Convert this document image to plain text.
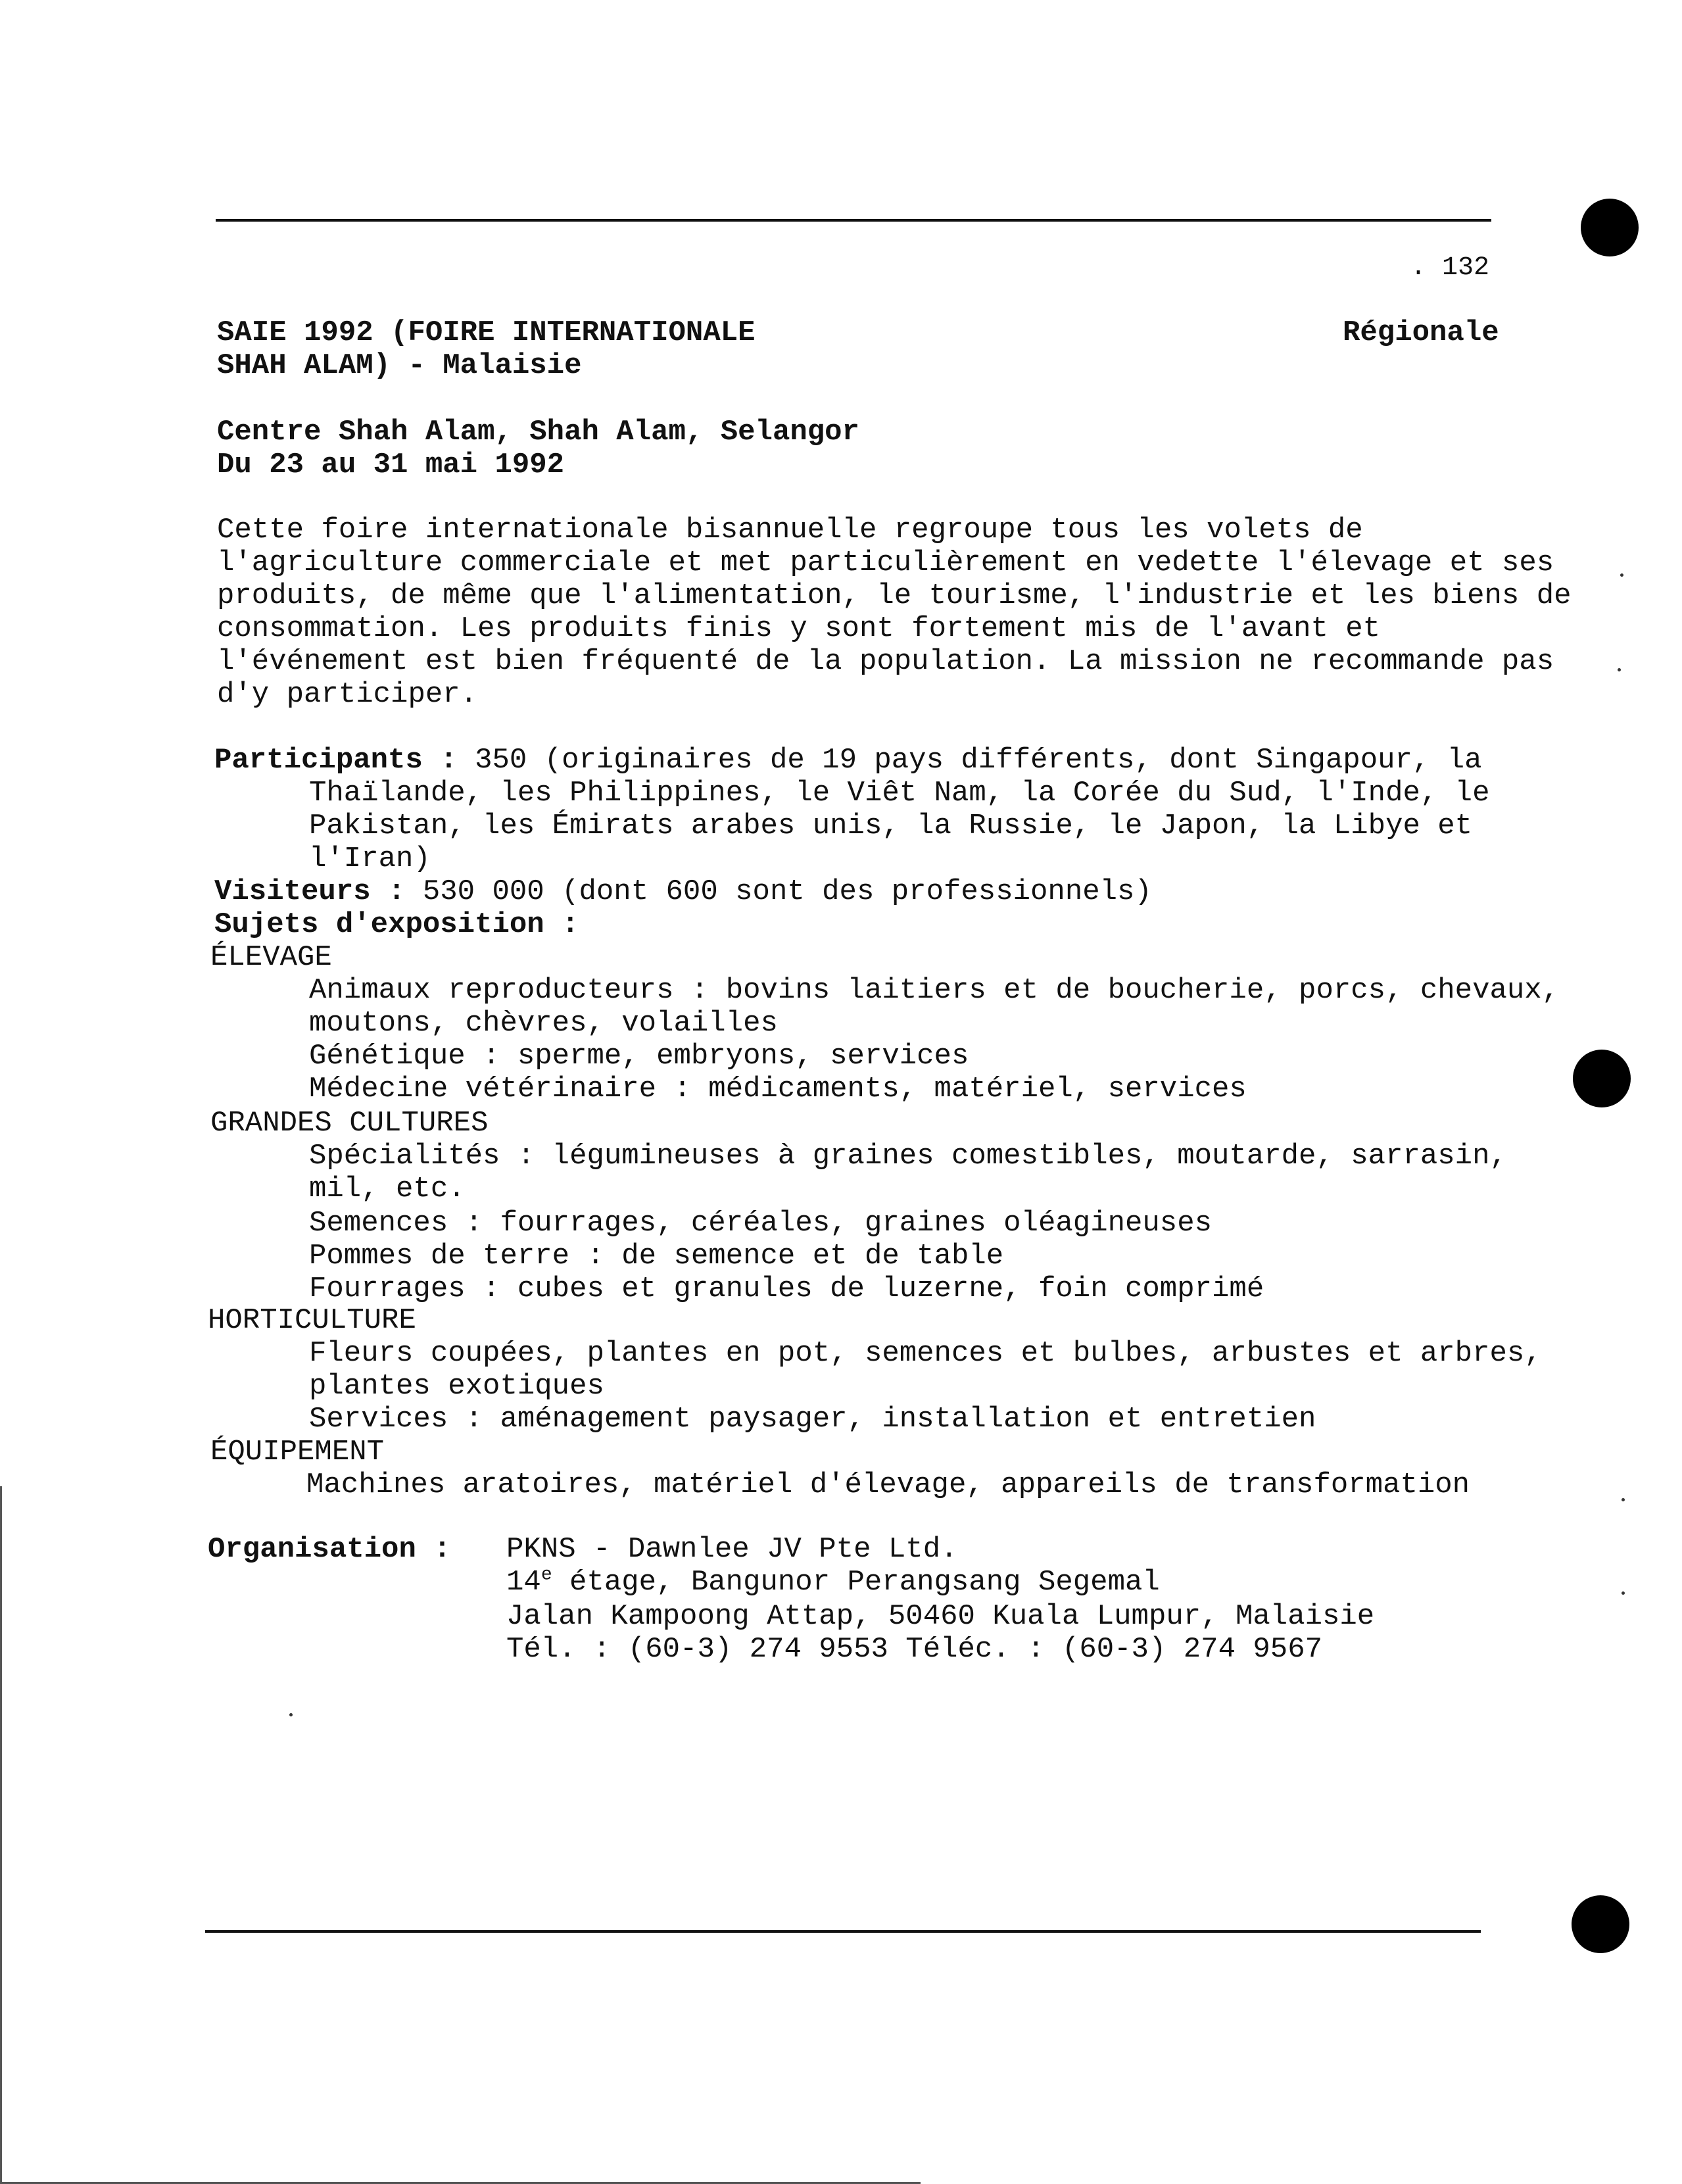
. 132
SAIE 1992 (FOIRE INTERNATIONALE	Régionale
SHAH ALAM) - Malaisie
Centre Shah Alam, Shah Alam, Selangor
Du 23 au 31 mai 1992
Cette foire internationale bisannuelle regroupe tous les volets de
l'agriculture commerciale et met particulièrement en vedette l'élevage et ses
produits, de même que l'alimentation, le tourisme, l'industrie et les biens de
consommation. Les produits finis y sont fortement mis de l'avant et
l'événement est bien fréquenté de la population. La mission ne recommande pas
d'y participer.
Participants : 350 (originaires de 19 pays différents, dont Singapour, la
Thaïlande, les Philippines, le Viêt Nam, la Corée du Sud, l'Inde, le
Pakistan, les Émirats arabes unis, la Russie, le Japon, la Libye et
l'Iran)
Visiteurs : 530 000 (dont 600 sont des professionnels)
Sujets d'exposition :
ÉLEVAGE
Animaux reproducteurs : bovins laitiers et de boucherie, porcs, chevaux,
moutons, chèvres, volailles
Génétique : sperme, embryons, services
Médecine vétérinaire : médicaments, matériel, services
GRANDES CULTURES
Spécialités : légumineuses à graines comestibles, moutarde, sarrasin,
mil, etc.
Semences : fourrages, céréales, graines oléagineuses
Pommes de terre : de semence et de table
Fourrages : cubes et granules de luzerne, foin comprimé
HORTICULTURE
Fleurs coupées, plantes en pot, semences et bulbes, arbustes et arbres,
plantes exotiques
Services : aménagement paysager, installation et entretien
ÉQUIPEMENT
Machines aratoires, matériel d'élevage, appareils de transformation
Organisation : PKNS - Dawnlee JV Pte Ltd.
14e étage, Bangunor Perangsang Segemal
Jalan Kampoong Attap, 50460 Kuala Lumpur, Malaisie
Tél. : (60-3) 274 9553 Téléc. : (60-3) 274 9567
